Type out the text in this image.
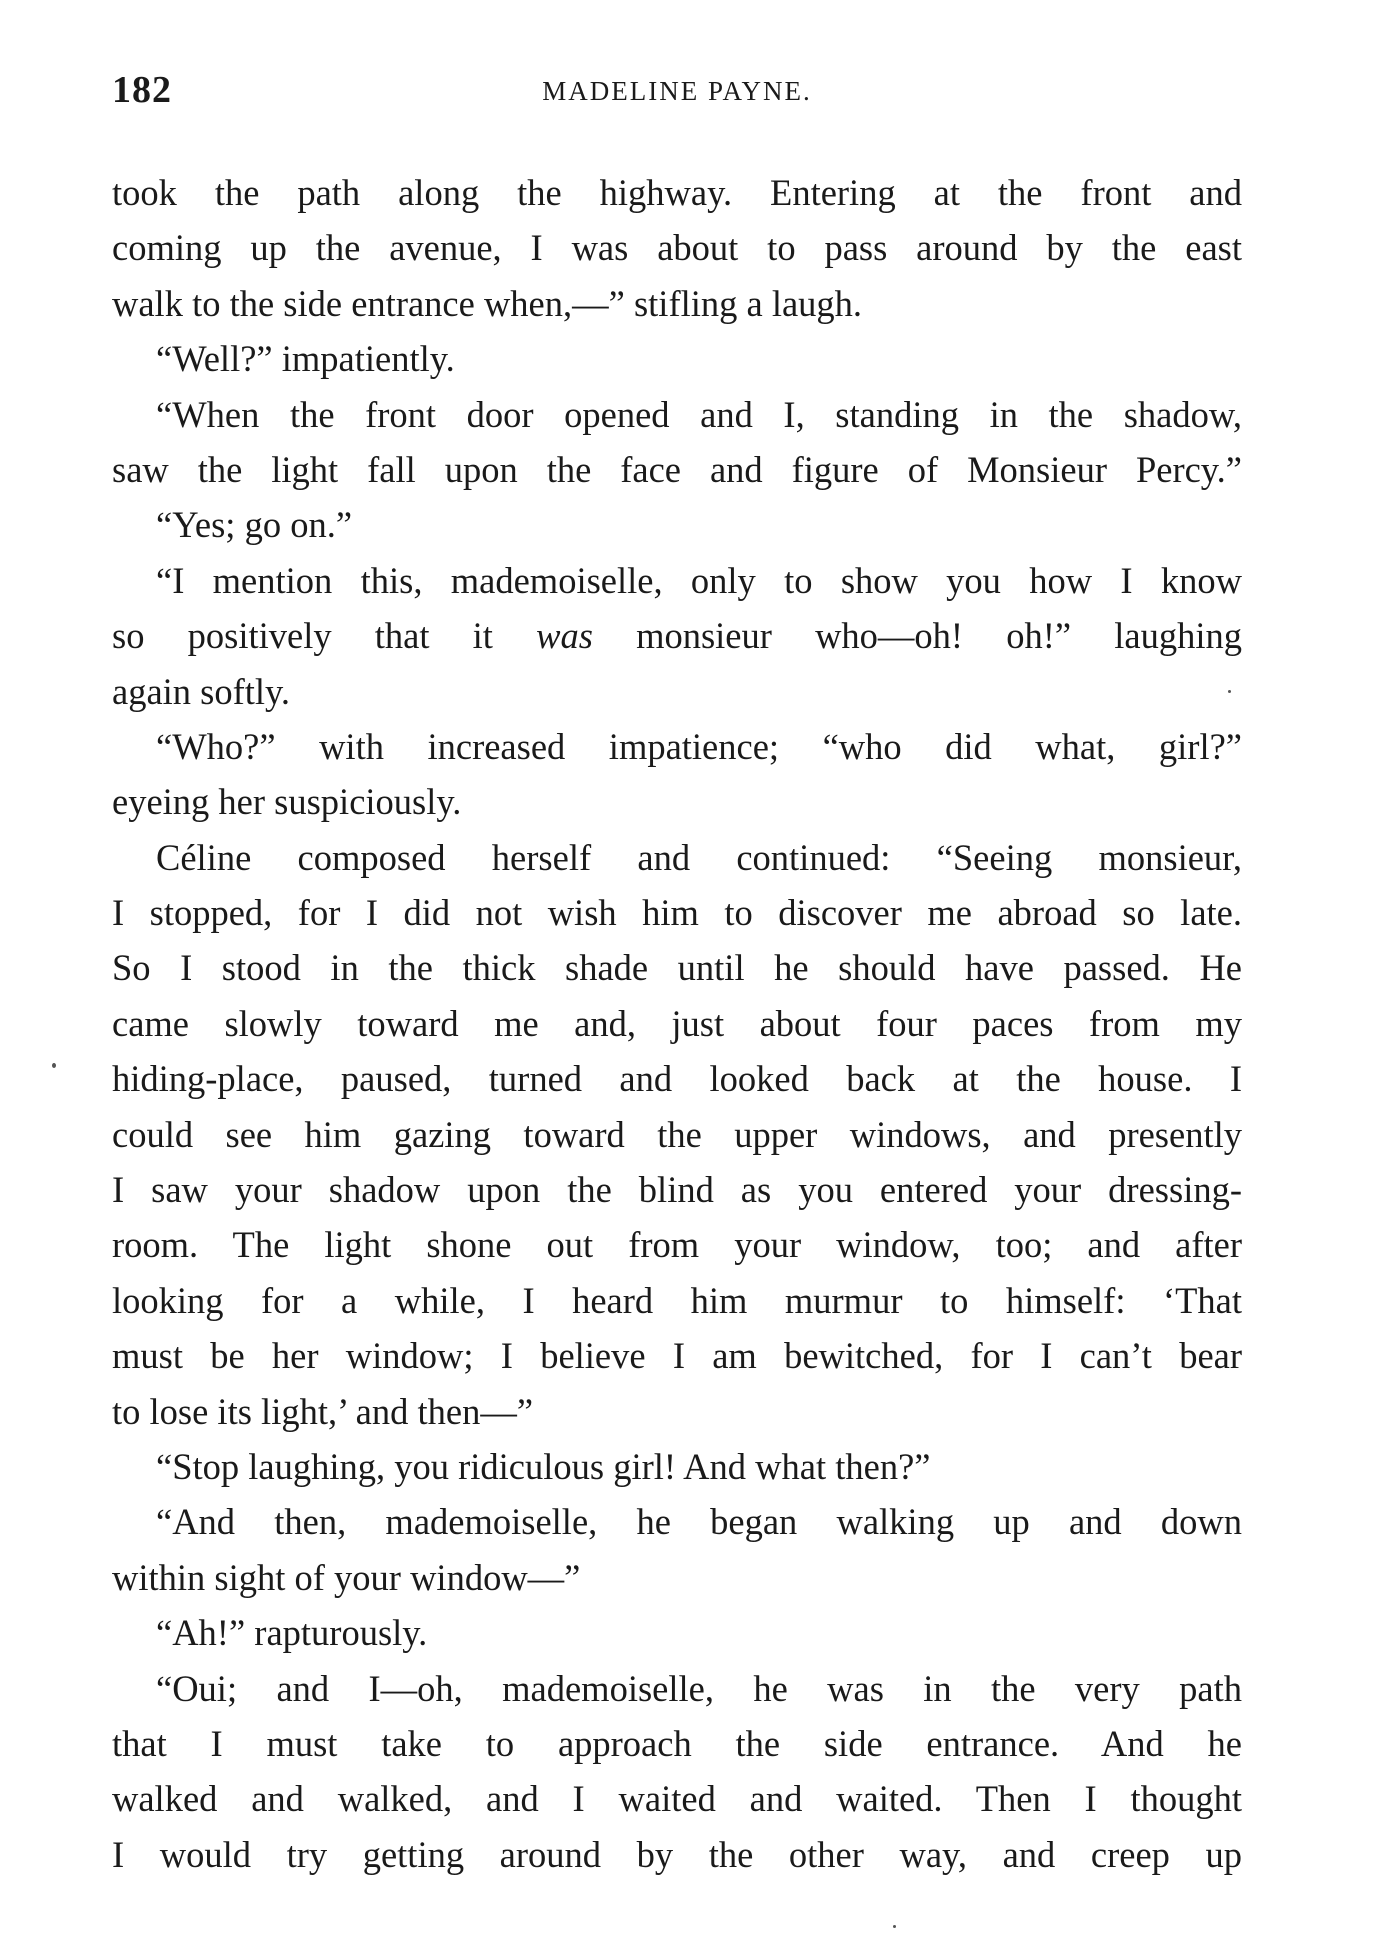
182	MADELINE PAYNE.
took the path along the highway. Entering at the front and
coming up the avenue, I was about to pass around by the east
walk to the side entrance when,—” stifling a laugh.
“Well?” impatiently.
“When the front door opened and I, standing in the shadow,
saw the light fall upon the face and figure of Monsieur Percy.”
“Yes; go on.”
“I mention this, mademoiselle, only to show you how I know
so positively that it was monsieur who—oh! oh!” laughing
again softly.
“Who?” with increased impatience; “who did what, girl?”
eyeing her suspiciously.
Céline composed herself and continued: “Seeing monsieur,
I stopped, for I did not wish him to discover me abroad so late.
So I stood in the thick shade until he should have passed. He
came slowly toward me and, just about four paces from my
hiding-place, paused, turned and looked back at the house. I
could see him gazing toward the upper windows, and presently
I saw your shadow upon the blind as you entered your dressing-
room. The light shone out from your window, too; and after
looking for a while, I heard him murmur to himself: ‘That
must be her window; I believe I am bewitched, for I can’t bear
to lose its light,’ and then—”
“Stop laughing, you ridiculous girl! And what then?”
“And then, mademoiselle, he began walking up and down
within sight of your window—”
“Ah!” rapturously.
“Oui; and I—oh, mademoiselle, he was in the very path
that I must take to approach the side entrance. And he
walked and walked, and I waited and waited. Then I thought
I would try getting around by the other way, and creep up
